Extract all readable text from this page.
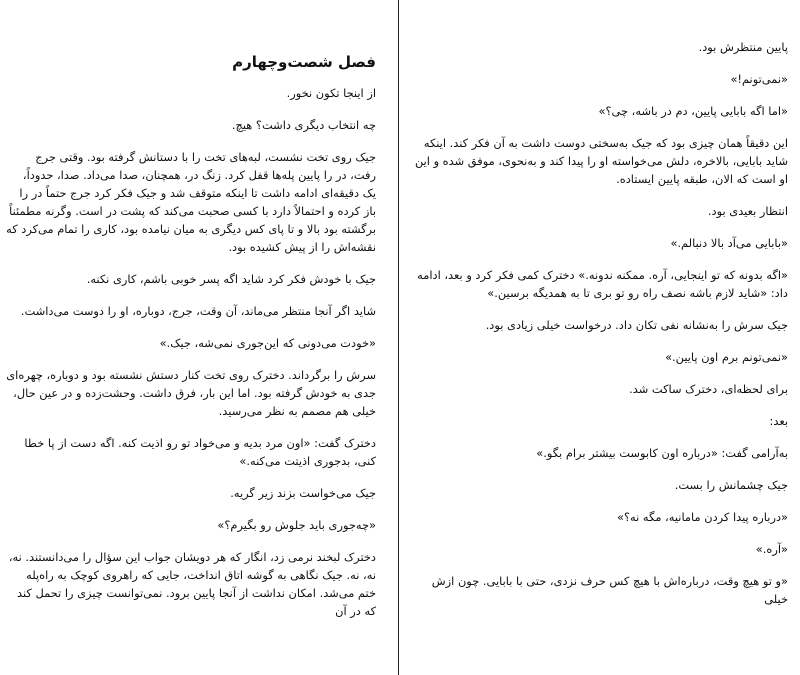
فصل شصت‌وچهارم

از اینجا تکون نخور.

چه انتخاب دیگری داشت؟ هیچ.

جیک روی تخت نشست، لبه‌های تخت را با دستانش گرفته بود. وقتی جرج رفت، در را پایین پله‌ها قفل کرد. زنگ در، همچنان، صدا می‌داد. صدا، حدوداً، یک دقیقه‌ای ادامه داشت تا اینکه متوقف شد و جیک فکر کرد جرج حتماً در را باز کرده و احتمالاً دارد با کسی صحبت می‌کند که پشت در است. وگرنه مطمئناً برگشته بود بالا و تا پای کس دیگری به میان نیامده بود، کاری را تمام می‌کرد که نقشه‌اش را از پیش کشیده بود.

جیک با خودش فکر کرد شاید اگه پسر خوبی باشم، کاری نکنه.

شاید اگر آنجا منتظر می‌ماند، آن وقت، جرج، دوباره، او را دوست می‌داشت.

«خودت می‌دونی که این‌جوری نمی‌شه، جیک.»

سرش را برگرداند. دخترک روی تخت کنار دستش نشسته بود و دوباره، چهره‌ای جدی به خودش گرفته بود. اما این بار، فرق داشت. وحشت‌زده و در عین حال، خیلی هم مصمم به نظر می‌رسید.

دخترک گفت: «اون مرد بدیه و می‌خواد تو رو اذیت کنه. اگه دست از پا خطا کنی، بدجوری اذیتت می‌کنه.»

جیک می‌خواست بزند زیر گریه.

«چه‌جوری باید جلوش رو بگیرم؟»

دخترک لبخند نرمی زد، انگار که هر دویشان جواب این سؤال را می‌دانستند. نه، نه، نه. جیک نگاهی به گوشه اتاق انداخت، جایی که راهروی کوچک به راه‌پله ختم می‌شد. امکان نداشت از آنجا پایین برود. نمی‌توانست چیزی را تحمل کند که در آن

پایین منتظرش بود.

«نمی‌تونم!»

«اما اگه بابایی پایین، دم در باشه، چی؟»

این دقیقاً همان چیزی بود که جیک به‌سختی دوست داشت به آن فکر کند. اینکه شاید بابایی، بالاخره، دلش می‌خواسته او را پیدا کند و به‌نحوی، موفق شده و این او است که الان، طبقه پایین ایستاده.

انتظار بعیدی بود.

«بابایی می‌آد بالا دنبالم.»

«اگه بدونه که تو اینجایی، آره. ممکنه ندونه.» دخترک کمی فکر کرد و بعد، ادامه داد: «شاید لازم باشه نصف راه رو تو بری تا به همدیگه برسین.»

جیک سرش را به‌نشانه نفی تکان داد. درخواست خیلی زیادی بود.

«نمی‌تونم برم اون پایین.»

برای لحظه‌ای، دخترک ساکت شد.

بعد:

به‌آرامی گفت: «درباره اون کابوست بیشتر برام بگو.»

جیک چشمانش را بست.

«درباره پیدا کردن مامانیه، مگه نه؟»

«آره.»

«و تو هیچ وقت، درباره‌اش با هیچ کس حرف نزدی، حتی با بابایی. چون ازش خیلی
